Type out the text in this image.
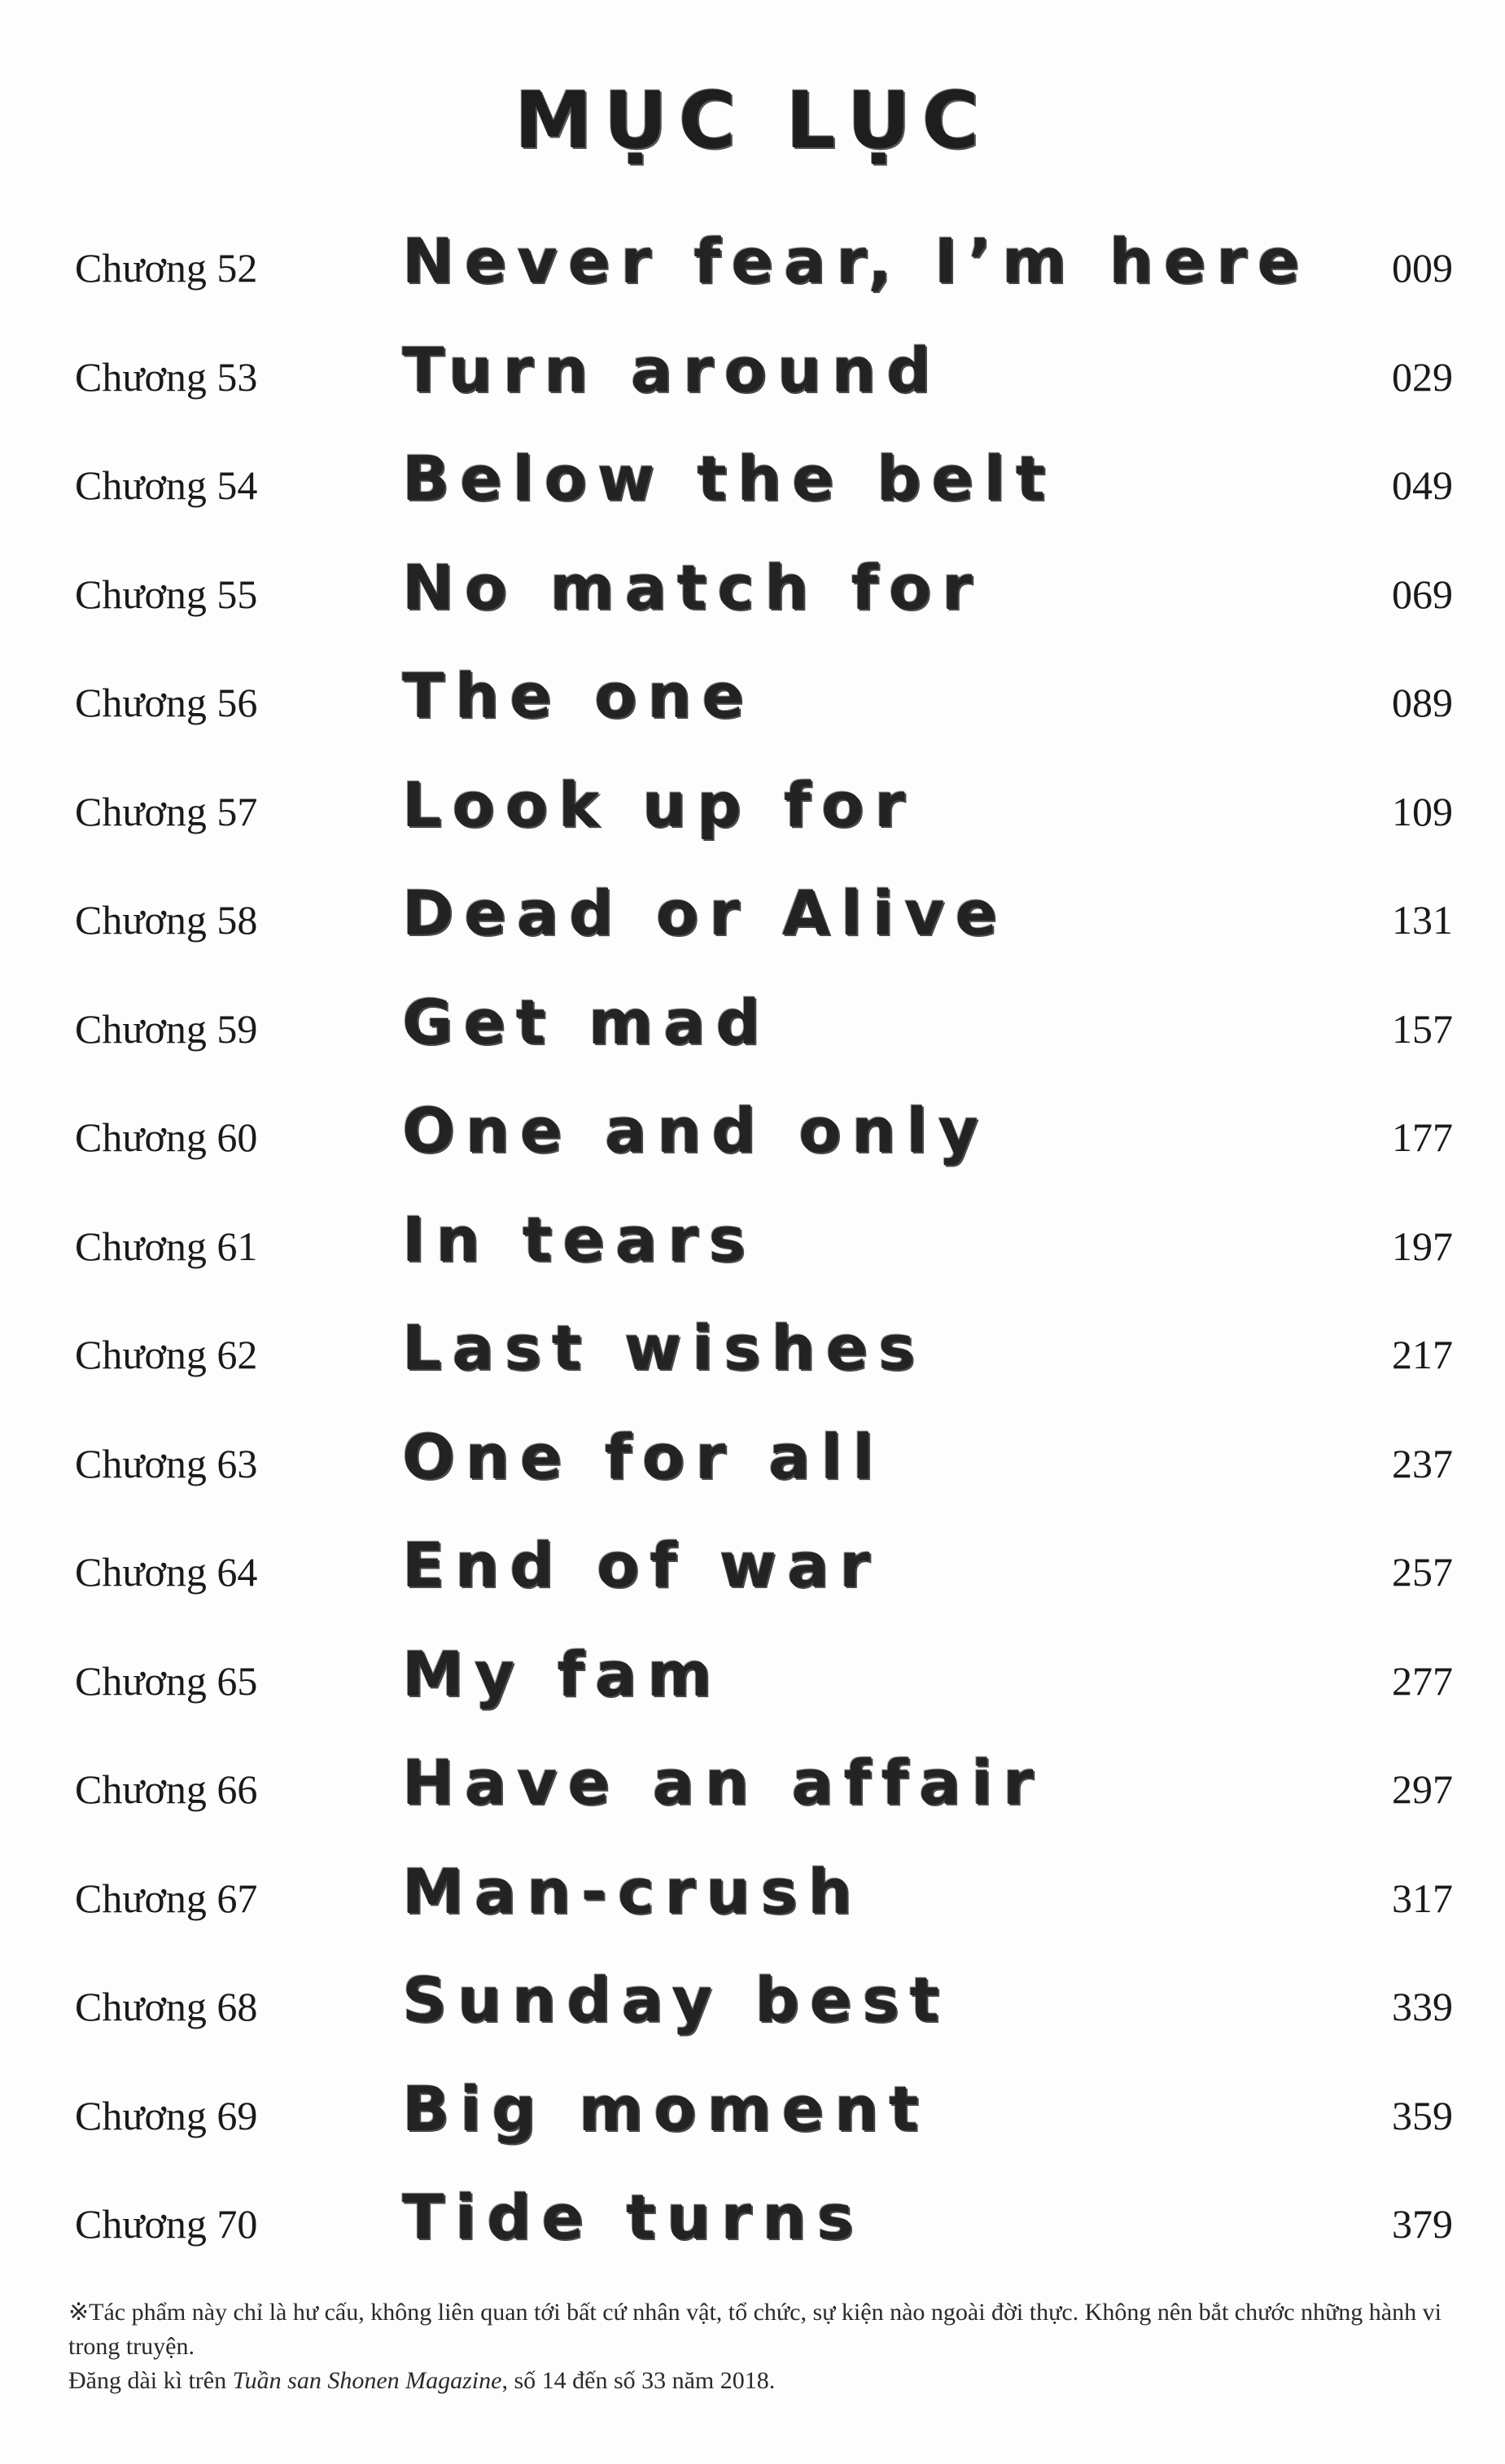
MỤC LỤC
Chương 52 Never fear, I’m here 009
Chương 53 Turn around	029
Chương 54 Below the belt	049
Chương 55 No match for	069
Chương 56 The one	089
Chương 57 Look up for	109
Chương 58 Dead or Alive	131
Chương 59 Get mad	157
Chương 60 One and only	177
Chương 61 In tears	197
Chương 62 Last wishes	217
Chương 63 One for all	237
Chương 64 End of war	257
Chương 65 My fam	277
Chương 66 Have an affair	297
Chương 67 Man-crush	317
Chương 68 Sunday best	339
Chương 69 Big moment	359
Chương 70 Tide turns	379

※Tác phẩm này chỉ là hư cấu, không liên quan tới bất cứ nhân vật, tổ chức, sự kiện nào ngoài đời thực. Không nên bắt chước những hành vi trong truyện.

Đăng dài kì trên Tuần san Shonen Magazine, số 14 đến số 33 năm 2018.
